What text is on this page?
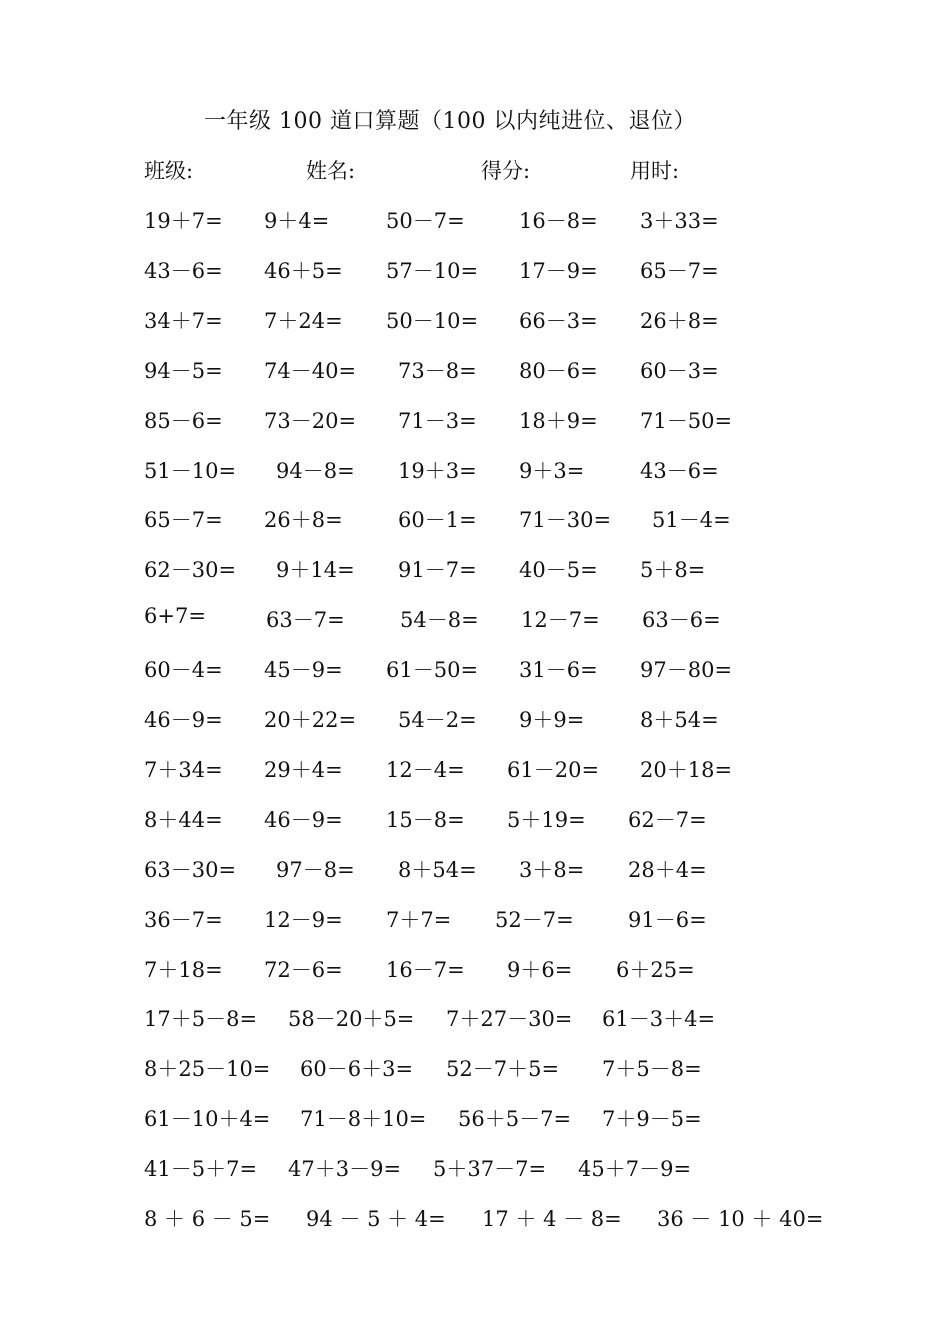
一年级 100 道口算题（100 以内纯进位、退位）
班级:	姓名:	得分:	用时:
19＋7= 9＋4=	50－7=	16－8= 3＋33=
43－6= 46＋5= 57－10= 17－9= 65－7=
34＋7= 7＋24= 50－10= 66－3= 26＋8=
94－5= 74－40= 73－8= 80－6= 60－3=
85－6= 73－20= 71－3= 18＋9= 71－50=
51－10= 94－8= 19＋3= 9＋3=	43－6=
65－7= 26＋8=	60－1= 71－30= 51－4=
62－30= 9＋14= 91－7= 40－5= 5＋8=
6+7=	63－7=	54－8= 12－7= 63－6=
60－4= 45－9= 61－50= 31－6= 97－80=
46－9= 20＋22= 54－2= 9＋9=	8＋54=
7＋34= 29＋4= 12－4= 61－20= 20＋18=
8＋44= 46－9= 15－8= 5＋19= 62－7=
63－30= 97－8= 8＋54= 3＋8= 28＋4=
36－7= 12－9= 7＋7= 52－7=	91－6=
7＋18= 72－6= 16－7= 9＋6= 6＋25=
17＋5－8= 58－20＋5= 7＋27－30= 61－3＋4=
8＋25－10= 60－6＋3= 52－7＋5= 7＋5－8=
61－10＋4= 71－8＋10= 56＋5－7= 7＋9－5=
41－5＋7= 47＋3－9= 5＋37－7= 45＋7－9=
8 ＋ 6 － 5= 94 － 5 ＋ 4= 17 ＋ 4 － 8= 36 － 10 ＋ 40=
